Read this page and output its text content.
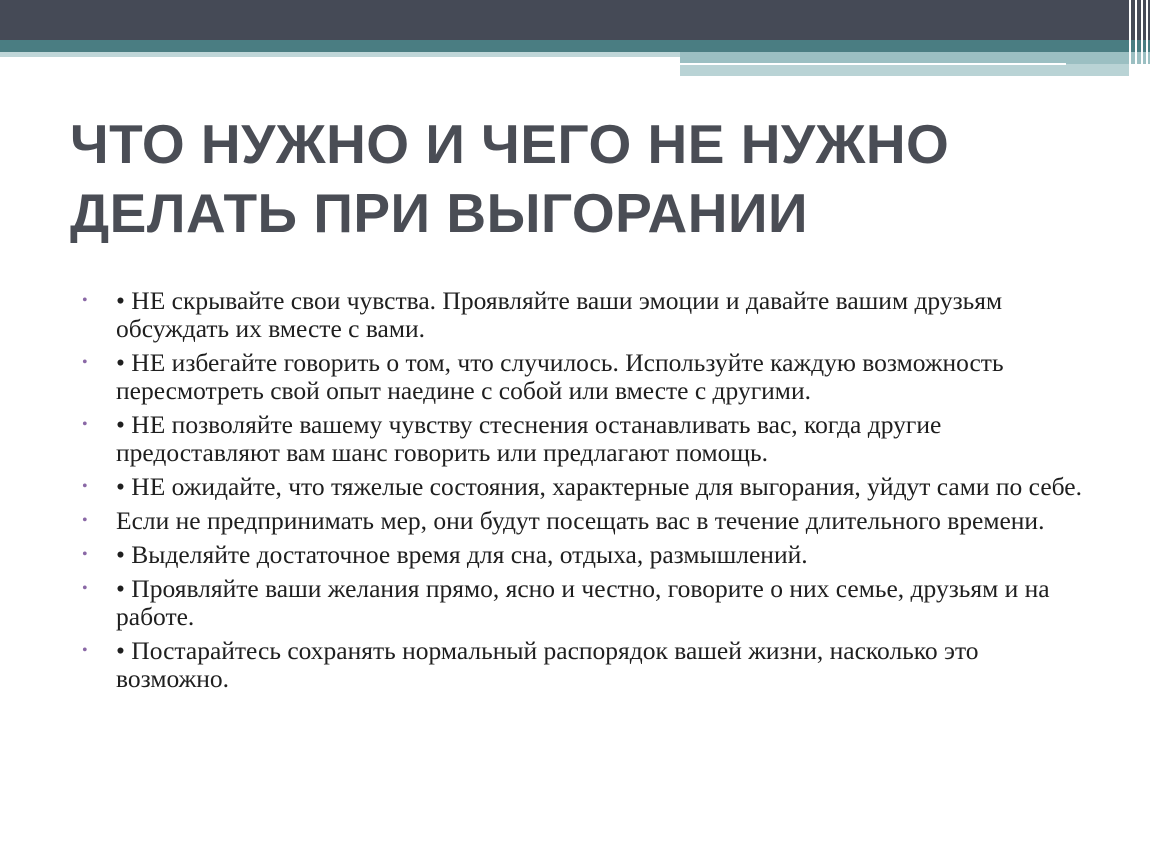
ЧТО НУЖНО И ЧЕГО НЕ НУЖНО ДЕЛАТЬ ПРИ ВЫГОРАНИИ
• • НЕ скрывайте свои чувства. Проявляйте ваши эмоции и давайте вашим друзьям обсуждать их вместе с вами.
• • НЕ избегайте говорить о том, что случилось. Используйте каждую возможность пересмотреть свой опыт наедине с собой или вместе с другими.
• • НЕ позволяйте вашему чувству стеснения останавливать вас, когда другие предоставляют вам шанс говорить или предлагают помощь.
• • НЕ ожидайте, что тяжелые состояния, характерные для выгорания, уйдут сами по себе.
• Если не предпринимать мер, они будут посещать вас в течение длительного времени.
• • Выделяйте достаточное время для сна, отдыха, размышлений.
• • Проявляйте ваши желания прямо, ясно и честно, говорите о них семье, друзьям и на работе.
• • Постарайтесь сохранять нормальный распорядок вашей жизни, насколько это возможно.
